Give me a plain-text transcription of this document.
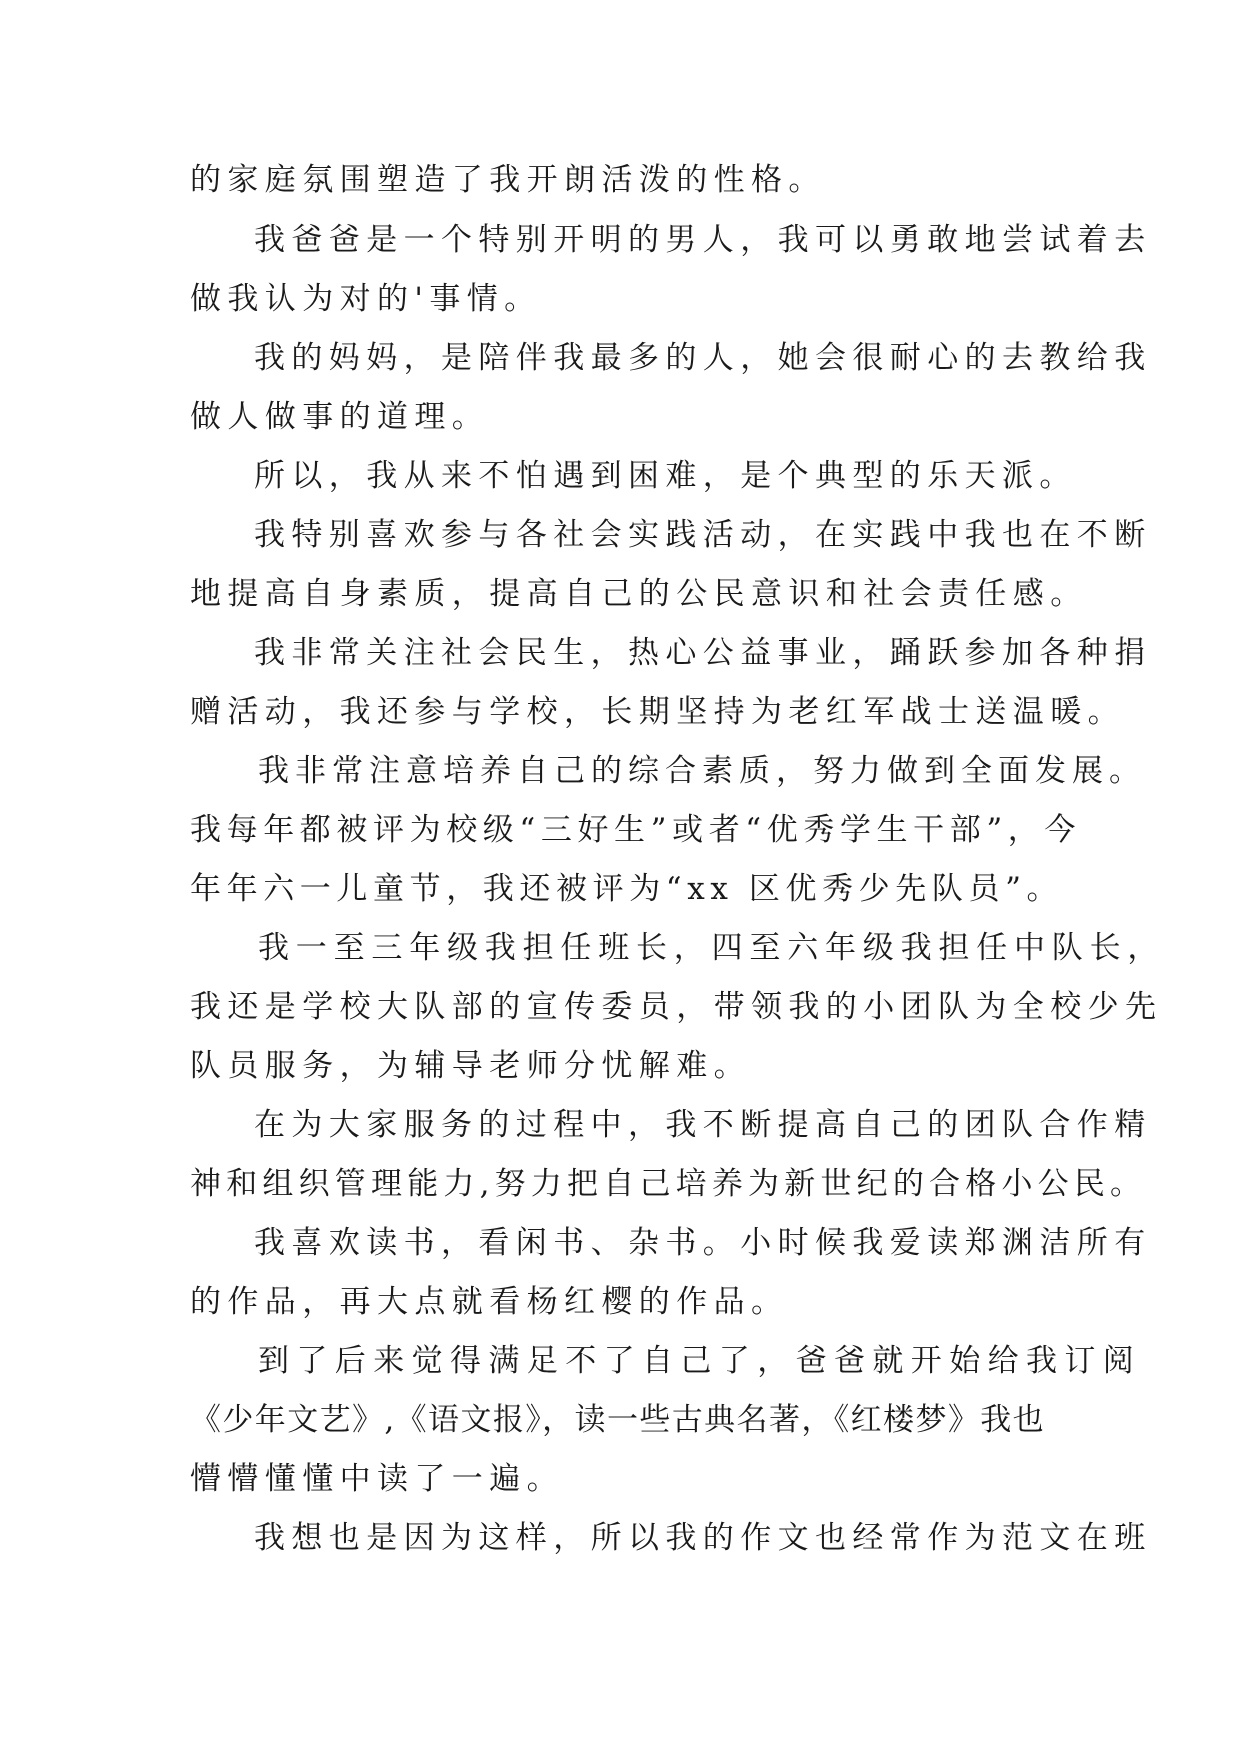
的家庭氛围塑造了我开朗活泼的性格。
我爸爸是一个特别开明的男人，我可以勇敢地尝试着去
做我认为对的'事情。
我的妈妈，是陪伴我最多的人，她会很耐心的去教给我
做人做事的道理。
所以，我从来不怕遇到困难，是个典型的乐天派。
我特别喜欢参与各社会实践活动，在实践中我也在不断
地提高自身素质，提高自己的公民意识和社会责任感。
我非常关注社会民生，热心公益事业，踊跃参加各种捐
赠活动，我还参与学校，长期坚持为老红军战士送温暖。
我非常注意培养自己的综合素质，努力做到全面发展。
我每年都被评为校级“三好生”或者“优秀学生干部”，今
年年六一儿童节，我还被评为“xx 区优秀少先队员”。
我一至三年级我担任班长，四至六年级我担任中队长，
我还是学校大队部的宣传委员，带领我的小团队为全校少先
队员服务，为辅导老师分忧解难。
在为大家服务的过程中，我不断提高自己的团队合作精
神和组织管理能力,努力把自己培养为新世纪的合格小公民。
我喜欢读书，看闲书、杂书。小时候我爱读郑渊洁所有
的作品，再大点就看杨红樱的作品。
到了后来觉得满足不了自己了，爸爸就开始给我订阅
《少年文艺》,《语文报》，读一些古典名著，《红楼梦》我也
懵懵懂懂中读了一遍。
我想也是因为这样，所以我的作文也经常作为范文在班
